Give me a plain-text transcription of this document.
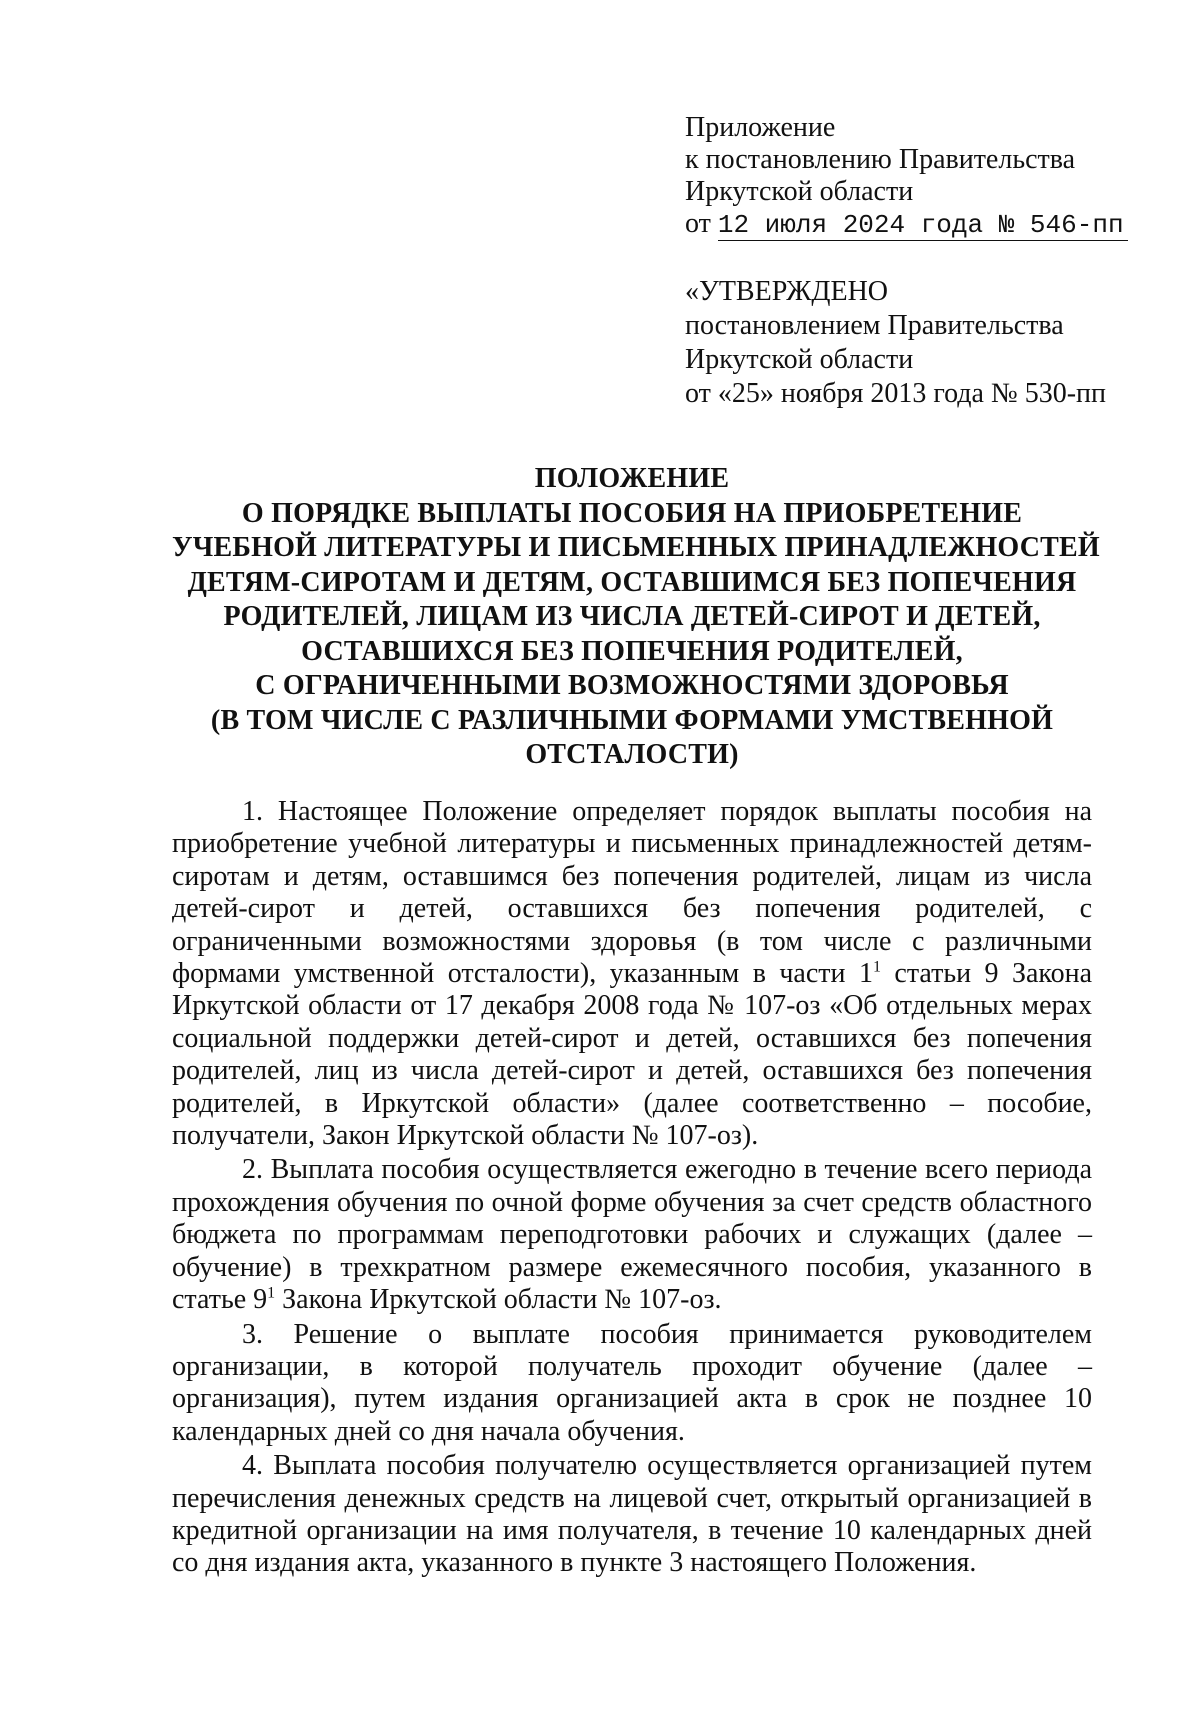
Приложение
к постановлению Правительства
Иркутской области
от 12 июля 2024 года № 546-пп
«УТВЕРЖДЕНО
постановлением Правительства
Иркутской области
от «25» ноября 2013 года № 530-пп
ПОЛОЖЕНИЕ
О ПОРЯДКЕ ВЫПЛАТЫ ПОСОБИЯ НА ПРИОБРЕТЕНИЕ
УЧЕБНОЙ ЛИТЕРАТУРЫ И ПИСЬМЕННЫХ ПРИНАДЛЕЖНОСТЕЙ
ДЕТЯМ-СИРОТАМ И ДЕТЯМ, ОСТАВШИМСЯ БЕЗ ПОПЕЧЕНИЯ
РОДИТЕЛЕЙ, ЛИЦАМ ИЗ ЧИСЛА ДЕТЕЙ-СИРОТ И ДЕТЕЙ,
ОСТАВШИХСЯ БЕЗ ПОПЕЧЕНИЯ РОДИТЕЛЕЙ,
С ОГРАНИЧЕННЫМИ ВОЗМОЖНОСТЯМИ ЗДОРОВЬЯ
(В ТОМ ЧИСЛЕ С РАЗЛИЧНЫМИ ФОРМАМИ УМСТВЕННОЙ
ОТСТАЛОСТИ)

1. Настоящее Положение определяет порядок выплаты пособия на приобретение учебной литературы и письменных принадлежностей детям-сиротам и детям, оставшимся без попечения родителей, лицам из числа детей-сирот и детей, оставшихся без попечения родителей, с ограниченными возможностями здоровья (в том числе с различными формами умственной отсталости), указанным в части $1^1$ статьи 9 Закона Иркутской области от 17 декабря 2008 года № 107-оз «Об отдельных мерах социальной поддержки детей-сирот и детей, оставшихся без попечения родителей, лиц из числа детей-сирот и детей, оставшихся без попечения родителей, в Иркутской области» (далее соответственно – пособие, получатели, Закон Иркутской области № 107-оз).

2. Выплата пособия осуществляется ежегодно в течение всего периода прохождения обучения по очной форме обучения за счет средств областного бюджета по программам переподготовки рабочих и служащих (далее – обучение) в трехкратном размере ежемесячного пособия, указанного в статье $9^1$ Закона Иркутской области № 107-оз.

3. Решение о выплате пособия принимается руководителем организации, в которой получатель проходит обучение (далее – организация), путем издания организацией акта в срок не позднее 10 календарных дней со дня начала обучения.

4. Выплата пособия получателю осуществляется организацией путем перечисления денежных средств на лицевой счет, открытый организацией в кредитной организации на имя получателя, в течение 10 календарных дней со дня издания акта, указанного в пункте 3 настоящего Положения.
